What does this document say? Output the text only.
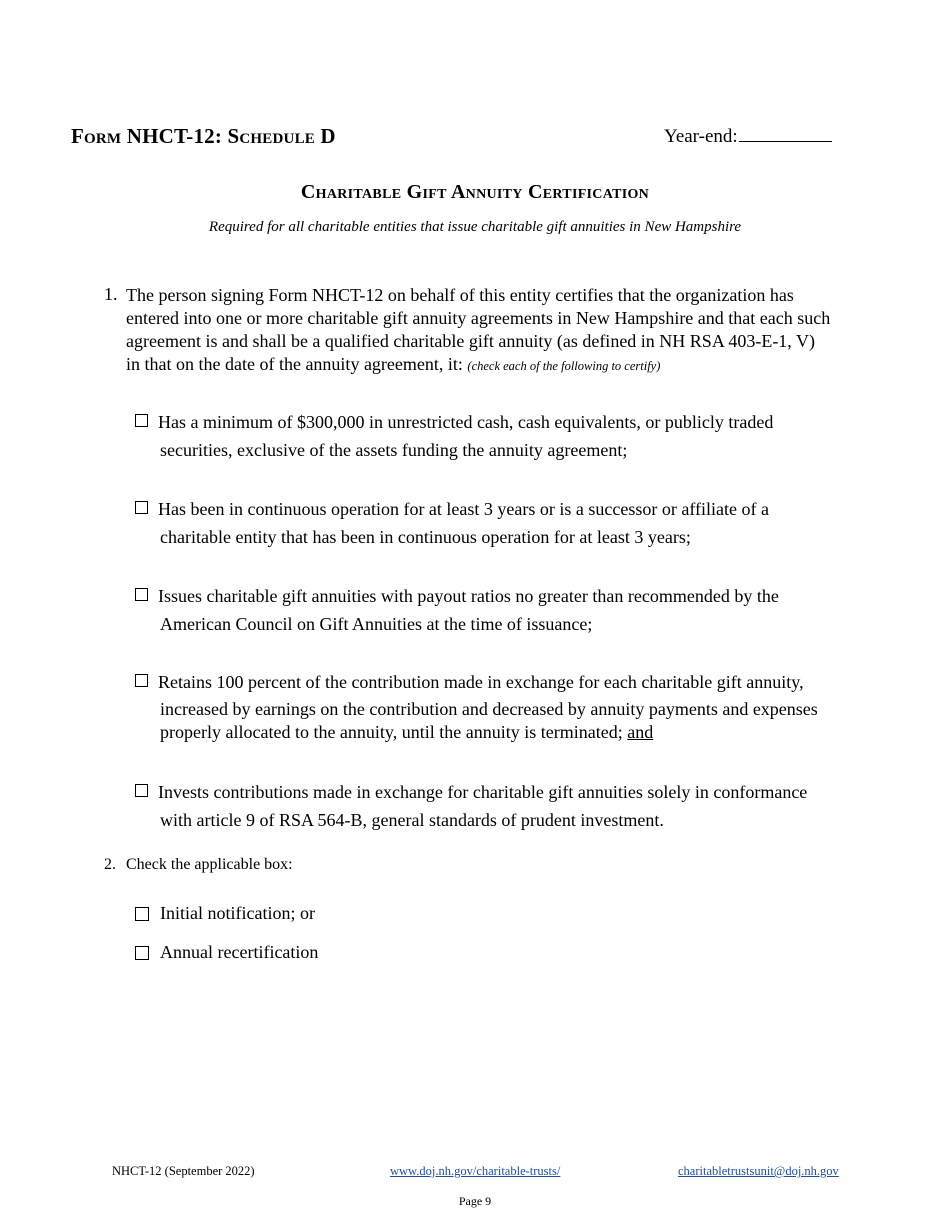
Form NHCT-12: Schedule D	Year-end:
Charitable Gift Annuity Certification
Required for all charitable entities that issue charitable gift annuities in New Hampshire
1. The person signing Form NHCT-12 on behalf of this entity certifies that the organization has entered into one or more charitable gift annuity agreements in New Hampshire and that each such agreement is and shall be a qualified charitable gift annuity (as defined in NH RSA 403-E-1, V) in that on the date of the annuity agreement, it: (check each of the following to certify)
Has a minimum of $300,000 in unrestricted cash, cash equivalents, or publicly traded
securities, exclusive of the assets funding the annuity agreement;
Has been in continuous operation for at least 3 years or is a successor or affiliate of a
charitable entity that has been in continuous operation for at least 3 years;
Issues charitable gift annuities with payout ratios no greater than recommended by the
American Council on Gift Annuities at the time of issuance;
Retains 100 percent of the contribution made in exchange for each charitable gift annuity,
increased by earnings on the contribution and decreased by annuity payments and expenses properly allocated to the annuity, until the annuity is terminated; and
Invests contributions made in exchange for charitable gift annuities solely in conformance
with article 9 of RSA 564-B, general standards of prudent investment.
2. Check the applicable box:
Initial notification; or
Annual recertification
NHCT-12 (September 2022)	www.doj.nh.gov/charitable-trusts/	charitabletrustsunit@doj.nh.gov
Page 9
